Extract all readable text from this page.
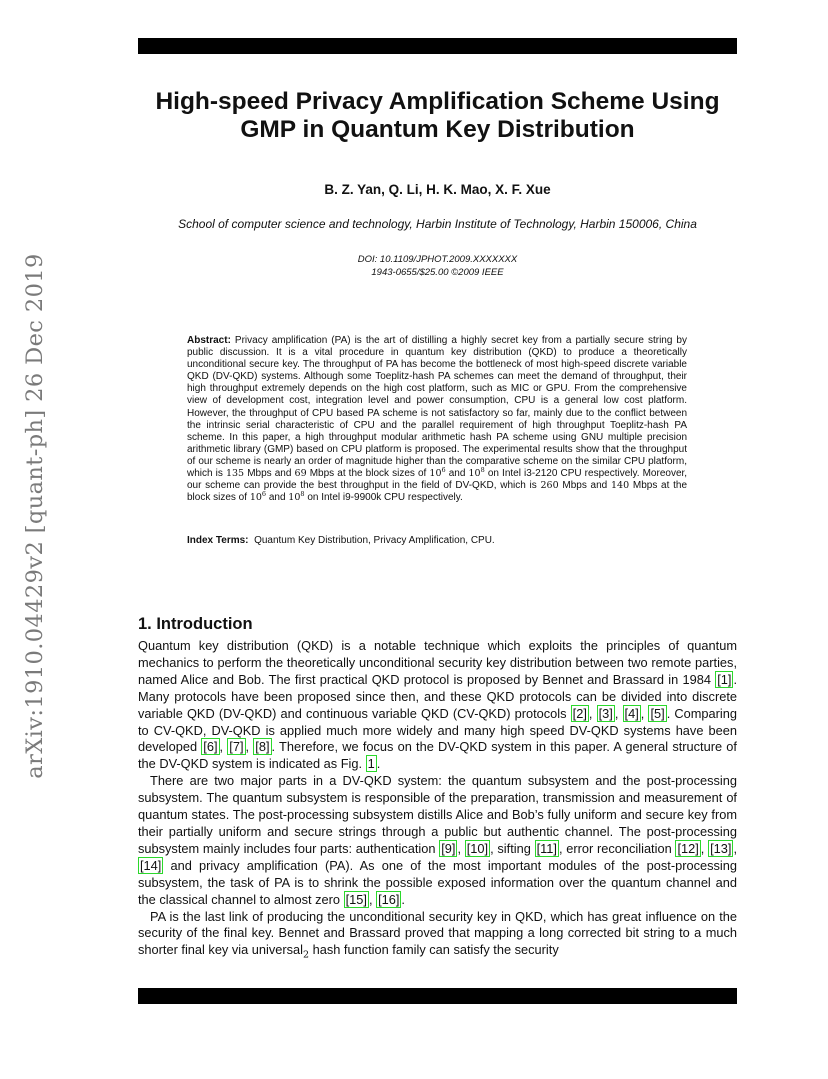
arXiv:1910.04429v2 [quant-ph] 26 Dec 2019
High-speed Privacy Amplification Scheme Using
GMP in Quantum Key Distribution
B. Z. Yan, Q. Li, H. K. Mao, X. F. Xue
School of computer science and technology, Harbin Institute of Technology, Harbin 150006, China
DOI: 10.1109/JPHOT.2009.XXXXXXX
1943-0655/$25.00 ©2009 IEEE

Abstract: Privacy amplification (PA) is the art of distilling a highly secret key from a partially secure string by public discussion. It is a vital procedure in quantum key distribution (QKD) to produce a theoretically unconditional secure key. The throughput of PA has become the bottleneck of most high-speed discrete variable QKD (DV-QKD) systems. Although some Toeplitz-hash PA schemes can meet the demand of throughput, their high throughput extremely depends on the high cost platform, such as MIC or GPU. From the comprehensive view of development cost, integration level and power consumption, CPU is a general low cost platform. However, the throughput of CPU based PA scheme is not satisfactory so far, mainly due to the conflict between the intrinsic serial characteristic of CPU and the parallel requirement of high throughput Toeplitz-hash PA scheme. In this paper, a high throughput modular arithmetic hash PA scheme using GNU multiple precision arithmetic library (GMP) based on CPU platform is proposed. The experimental results show that the throughput of our scheme is nearly an order of magnitude higher than the comparative scheme on the similar CPU platform, which is 135 Mbps and 69 Mbps at the block sizes of $10^6$ and $10^8$ on Intel i3-2120 CPU respectively. Moreover, our scheme can provide the best throughput in the field of DV-QKD, which is 260 Mbps and 140 Mbps at the block sizes of $10^6$ and $10^8$ on Intel i9-9900k CPU respectively.

Index Terms: Quantum Key Distribution, Privacy Amplification, CPU.
1. Introduction

Quantum key distribution (QKD) is a notable technique which exploits the principles of quantum mechanics to perform the theoretically unconditional security key distribution between two remote parties, named Alice and Bob. The first practical QKD protocol is proposed by Bennet and Brassard in 1984 [1] . Many protocols have been proposed since then, and these QKD protocols can be divided into discrete variable QKD (DV-QKD) and continuous variable QKD (CV-QKD) protocols [2] , [3] , [4] , [5] . Comparing to CV-QKD, DV-QKD is applied much more widely and many high speed DV-QKD systems have been developed [6] , [7] , [8] . Therefore, we focus on the DV-QKD system in this paper. A general structure of the DV-QKD system is indicated as Fig. 1 .

There are two major parts in a DV-QKD system: the quantum subsystem and the post-processing subsystem. The quantum subsystem is responsible of the preparation, transmission and measurement of quantum states. The post-processing subsystem distills Alice and Bob’s fully uniform and secure key from their partially uniform and secure strings through a public but authentic channel. The post-processing subsystem mainly includes four parts: authentication [9] , [10] , sifting [11] , error reconciliation [12] , [13] , [14] and privacy amplification (PA). As one of the most important modules of the post-processing subsystem, the task of PA is to shrink the possible exposed information over the quantum channel and the classical channel to almost zero [15] , [16] .

PA is the last link of producing the unconditional security key in QKD, which has great influence on the security of the final key. Bennet and Brassard proved that mapping a long corrected bit string to a much shorter final key via universal$_2$ hash function family can satisfy the security
